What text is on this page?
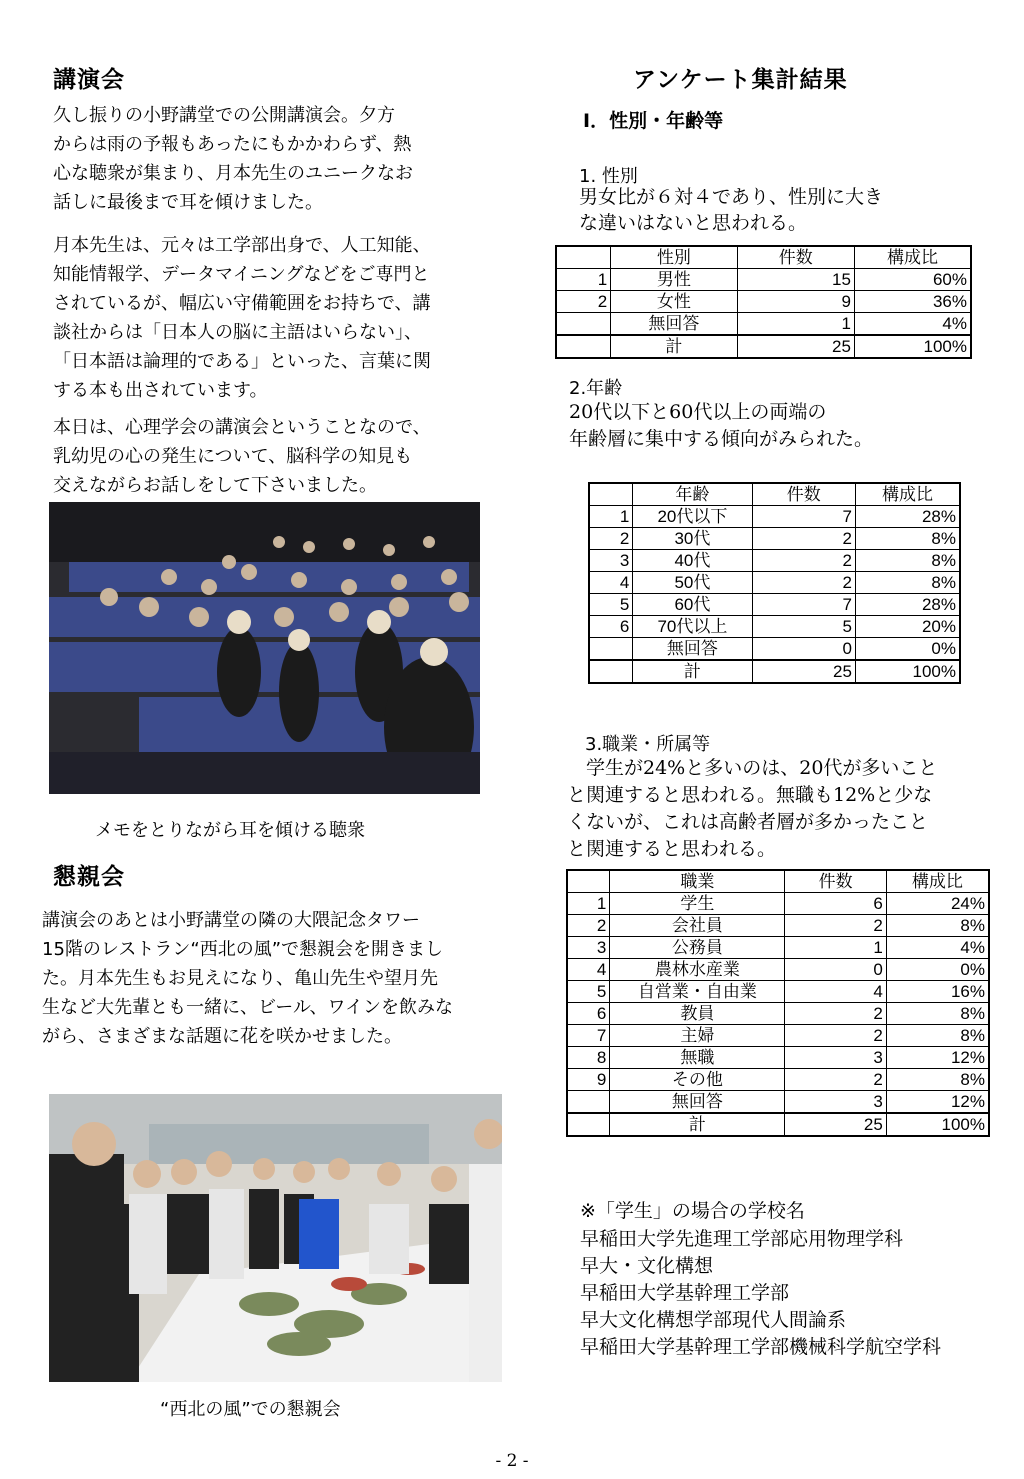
講演会
久し振りの小野講堂での公開講演会。夕方
からは雨の予報もあったにもかかわらず、熱
心な聴衆が集まり、月本先生のユニークなお
話しに最後まで耳を傾けました。
月本先生は、元々は工学部出身で、人工知能、
知能情報学、データマイニングなどをご専門と
されているが、幅広い守備範囲をお持ちで、講
談社からは「日本人の脳に主語はいらない」、
「日本語は論理的である」といった、言葉に関
する本も出されています。
本日は、心理学会の講演会ということなので、
乳幼児の心の発生について、脳科学の知見も
交えながらお話しをして下さいました。
メモをとりながら耳を傾ける聴衆
懇親会
講演会のあとは小野講堂の隣の大隈記念タワー
15階のレストラン“西北の風”で懇親会を開きまし
た。月本先生もお見えになり、亀山先生や望月先
生など大先輩とも一緒に、ビール、ワインを飲みな
がら、さまざまな話題に花を咲かせました。
“西北の風”での懇親会
アンケート集計結果
Ⅰ．性別・年齢等
1. 性別
男女比が６対４であり、性別に大き
な違いはないと思われる。
	性別	件数	構成比
1	男性	15	60%
2	女性	9	36%
	無回答	1	4%
	計	25	100%
2.年齢
20代以下と60代以上の両端の
年齢層に集中する傾向がみられた。
	年齢	件数	構成比
1	20代以下	7	28%
2	30代	2	8%
3	40代	2	8%
4	50代	2	8%
5	60代	7	28%
6	70代以上	5	20%
	無回答	0	0%
	計	25	100%
3.職業・所属等
　学生が24%と多いのは、20代が多いこと
と関連すると思われる。無職も12%と少な
くないが、これは高齢者層が多かったこと
と関連すると思われる。
	職業	件数	構成比
1	学生	6	24%
2	会社員	2	8%
3	公務員	1	4%
4	農林水産業	0	0%
5	自営業・自由業	4	16%
6	教員	2	8%
7	主婦	2	8%
8	無職	3	12%
9	その他	2	8%
	無回答	3	12%
	計	25	100%
※「学生」の場合の学校名
早稲田大学先進理工学部応用物理学科
早大・文化構想
早稲田大学基幹理工学部
早大文化構想学部現代人間論系
早稲田大学基幹理工学部機械科学航空学科
- 2 -
